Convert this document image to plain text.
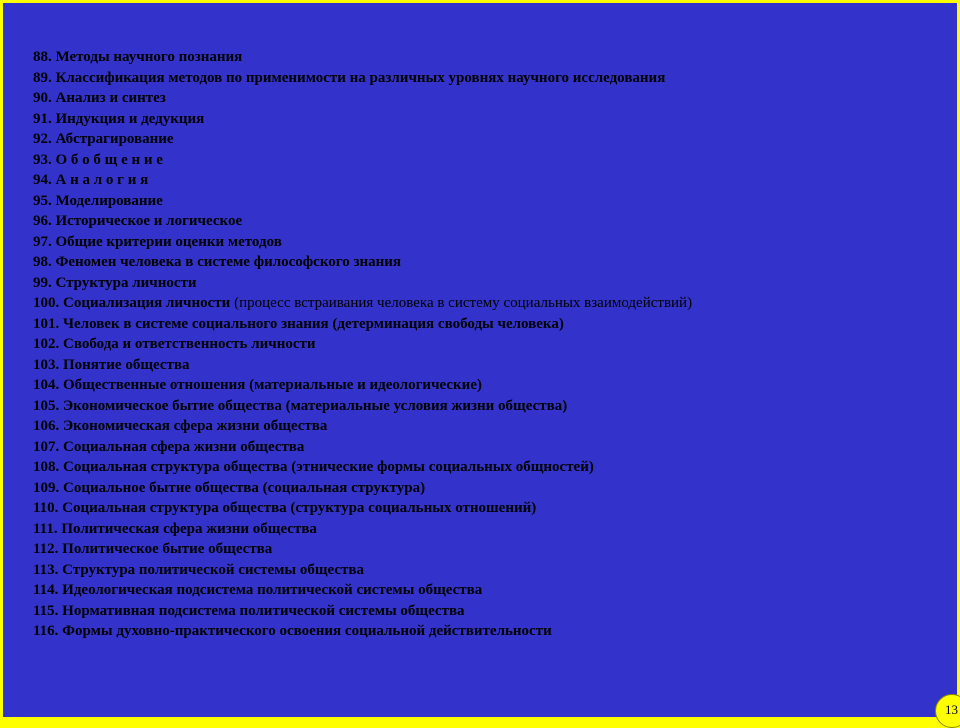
88. Методы научного познания
89. Классификация методов по применимости на различных уровнях научного исследования
90. Анализ и синтез
91. Индукция и дедукция
92. Абстрагирование
93. О б о б щ е н и е
94. А н а л о г и я
95. Моделирование
96. Историческое и логическое
97. Общие критерии оценки методов
98. Феномен человека в системе философского знания
99. Структура личности
100. Социализация личности (процесс встраивания человека в систему социальных взаимодействий)
101. Человек в системе социального знания (детерминация свободы человека)
102. Свобода и ответственность личности
103. Понятие общества
104. Общественные отношения (материальные и идеологические)
105. Экономическое бытие общества (материальные условия жизни общества)
106. Экономическая сфера жизни общества
107. Социальная сфера жизни общества
108. Социальная структура общества (этнические формы социальных общностей)
109. Социальное бытие общества (социальная структура)
110. Социальная структура общества (структура социальных отношений)
111. Политическая сфера жизни общества
112. Политическое бытие общества
113. Структура политической системы общества
114. Идеологическая подсистема политической системы общества
115. Нормативная подсистема политической системы общества
116. Формы духовно-практического освоения социальной действительности
13
